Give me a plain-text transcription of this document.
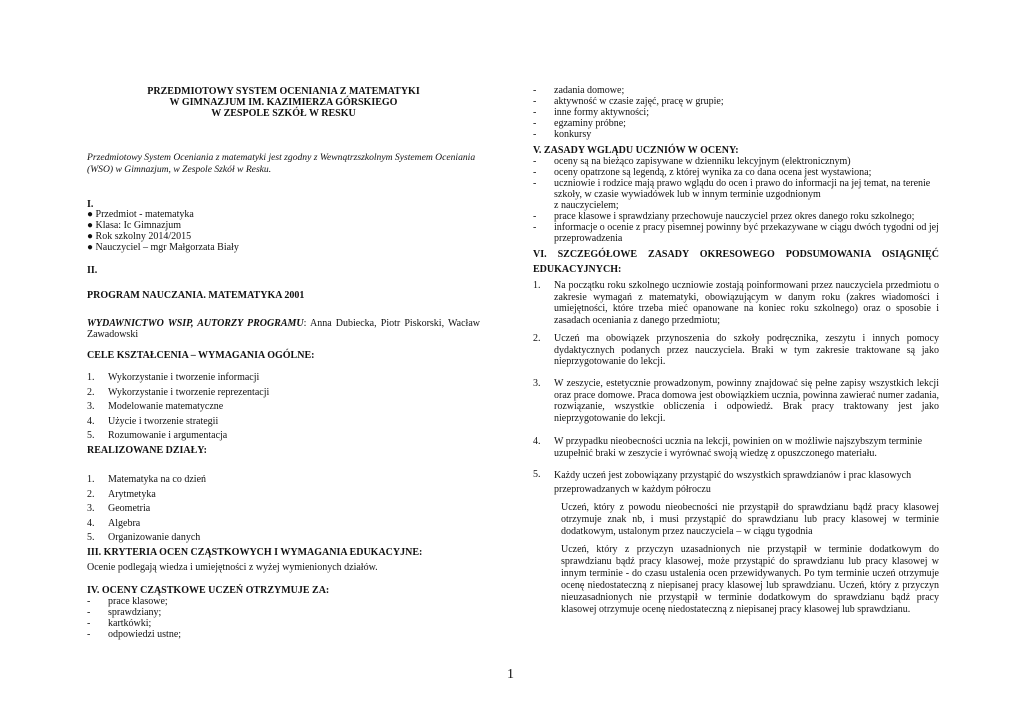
PRZEDMIOTOWY SYSTEM OCENIANIA Z MATEMATYKI
W GIMNAZJUM IM. KAZIMIERZA GÓRSKIEGO
W ZESPOLE SZKÓŁ W RESKU

Przedmiotowy System Oceniania z matematyki jest zgodny z Wewnątrzszkolnym Systemem Oceniania (WSO) w Gimnazjum, w Zespole Szkół w Resku.

I.
● Przedmiot - matematyka
● Klasa: Ic Gimnazjum
● Rok szkolny 2014/2015
● Nauczyciel – mgr Małgorzata Biały
II.
PROGRAM NAUCZANIA. MATEMATYKA 2001

WYDAWNICTWO WSIP, AUTORZY PROGRAMU: Anna Dubiecka, Piotr Piskorski, Wacław Zawadowski

CELE KSZTAŁCENIA – WYMAGANIA OGÓLNE:
1.	Wykorzystanie i tworzenie informacji
2.	Wykorzystanie i tworzenie reprezentacji
3.	Modelowanie matematyczne
4.	Użycie i tworzenie strategii
5.	Rozumowanie i argumentacja
REALIZOWANE DZIAŁY:
1.	Matematyka na co dzień
2.	Arytmetyka
3.	Geometria
4.	Algebra
5.	Organizowanie danych
III. KRYTERIA OCEN CZĄSTKOWYCH I WYMAGANIA EDUKACYJNE:
Ocenie podlegają wiedza i umiejętności z wyżej wymienionych działów.
IV. OCENY CZĄSTKOWE UCZEŃ OTRZYMUJE ZA:
-	prace klasowe;
-	sprawdziany;
-	kartkówki;
-	odpowiedzi ustne;
-	zadania domowe;
-	aktywność w czasie zajęć, pracę w grupie;
-	inne formy aktywności;
-	egzaminy próbne;
-	konkursy
V. ZASADY WGLĄDU UCZNIÓW W OCENY:
-	oceny są na bieżąco zapisywane w dzienniku lekcyjnym (elektronicznym)
-	oceny opatrzone są legendą, z której wynika za co dana ocena jest wystawiona;
-	uczniowie i rodzice mają prawo wglądu do ocen i prawo do informacji na jej temat, na terenie
szkoły, w czasie wywiadówek lub w innym terminie uzgodnionym
z nauczycielem;
-	prace klasowe i sprawdziany przechowuje nauczyciel przez okres danego roku szkolnego;
-	informacje o ocenie z pracy pisemnej powinny być przekazywane w ciągu dwóch tygodni od jej
przeprowadzenia
VI. SZCZEGÓŁOWE ZASADY OKRESOWEGO PODSUMOWANIA OSIĄGNIĘĆ
EDUKACYJNYCH:
1.	Na początku roku szkolnego uczniowie zostają poinformowani przez nauczyciela przedmiotu o zakresie wymagań z matematyki, obowiązującym w danym roku (zakres wiadomości i umiejętności, które trzeba mieć opanowane na koniec roku szkolnego) oraz o sposobie i zasadach oceniania z danego przedmiotu;

2.	Uczeń ma obowiązek przynoszenia do szkoły podręcznika, zeszytu i innych pomocy dydaktycznych podanych przez nauczyciela. Braki w tym zakresie traktowane są jako nieprzygotowanie do lekcji.

3.	W zeszycie, estetycznie prowadzonym, powinny znajdować się pełne zapisy wszystkich lekcji oraz prace domowe. Praca domowa jest obowiązkiem ucznia, powinna zawierać numer zadania, rozwiązanie, wszystkie obliczenia i odpowiedź. Brak pracy traktowany jest jako nieprzygotowanie do lekcji.

4.	W przypadku nieobecności ucznia na lekcji, powinien on w możliwie najszybszym terminie
uzupełnić braki w zeszycie i wyrównać swoją wiedzę z opuszczonego materiału.
5.	Każdy uczeń jest zobowiązany przystąpić do wszystkich sprawdzianów i prac klasowych
przeprowadzanych w każdym półroczu

Uczeń, który z powodu nieobecności nie przystąpił do sprawdzianu bądź pracy klasowej otrzymuje znak nb, i musi przystąpić do sprawdzianu lub pracy klasowej w terminie dodatkowym, ustalonym przez nauczyciela – w ciągu tygodnia

Uczeń, który z przyczyn uzasadnionych nie przystąpił w terminie dodatkowym do sprawdzianu bądź pracy klasowej, może przystąpić do sprawdzianu lub pracy klasowej w innym terminie - do czasu ustalenia ocen przewidywanych. Po tym terminie uczeń otrzymuje ocenę niedostateczną z niepisanej pracy klasowej lub sprawdzianu. Uczeń, który z przyczyn nieuzasadnionych nie przystąpił w terminie dodatkowym do sprawdzianu bądź pracy klasowej otrzymuje ocenę niedostateczną z niepisanej pracy klasowej lub sprawdzianu.

1
